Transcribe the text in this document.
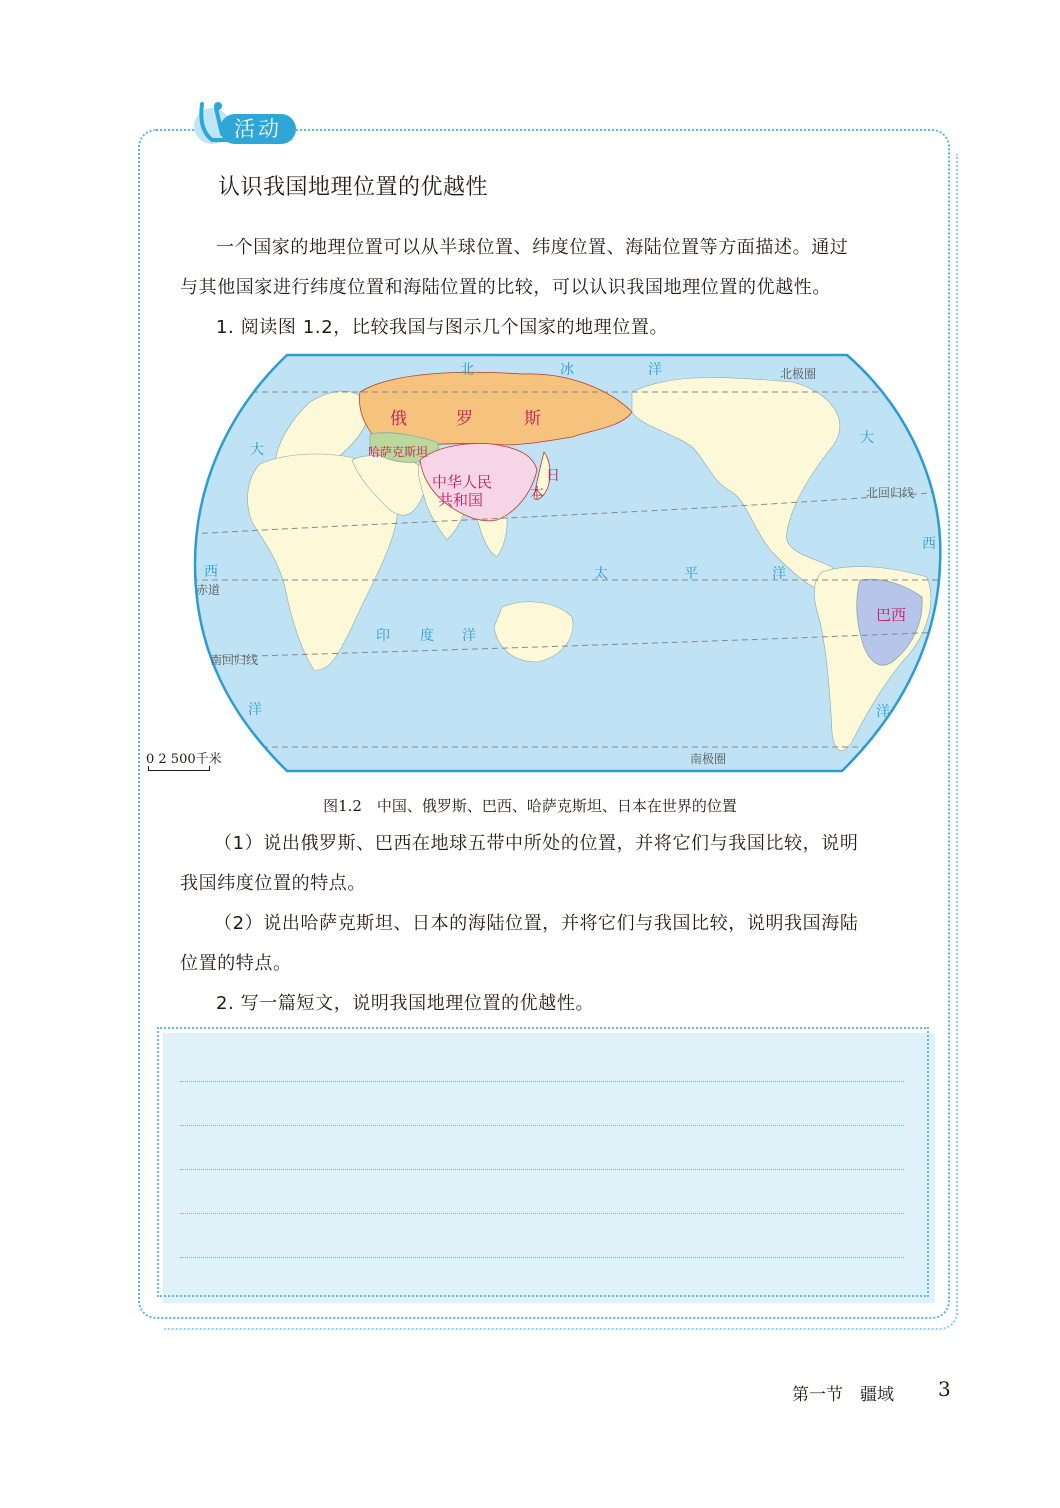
活动
认识我国地理位置的优越性
一个国家的地理位置可以从半球位置、纬度位置、海陆位置等方面描述。通过
与其他国家进行纬度位置和海陆位置的比较，可以认识我国地理位置的优越性。
1. 阅读图 1.2，比较我国与图示几个国家的地理位置。
北	冰	洋
大
西
洋
大
西
洋
太	平	洋
印 度 洋
北极圈
北回归线
赤道
南回归线
南极圈
俄	罗	斯
哈萨克斯坦
中华人民
共和国
日
本
巴西
0 2 500千米
图1.2　中国、俄罗斯、巴西、哈萨克斯坦、日本在世界的位置
（1）说出俄罗斯、巴西在地球五带中所处的位置，并将它们与我国比较，说明
我国纬度位置的特点。
（2）说出哈萨克斯坦、日本的海陆位置，并将它们与我国比较，说明我国海陆
位置的特点。
2. 写一篇短文，说明我国地理位置的优越性。
第一节　疆域 3
